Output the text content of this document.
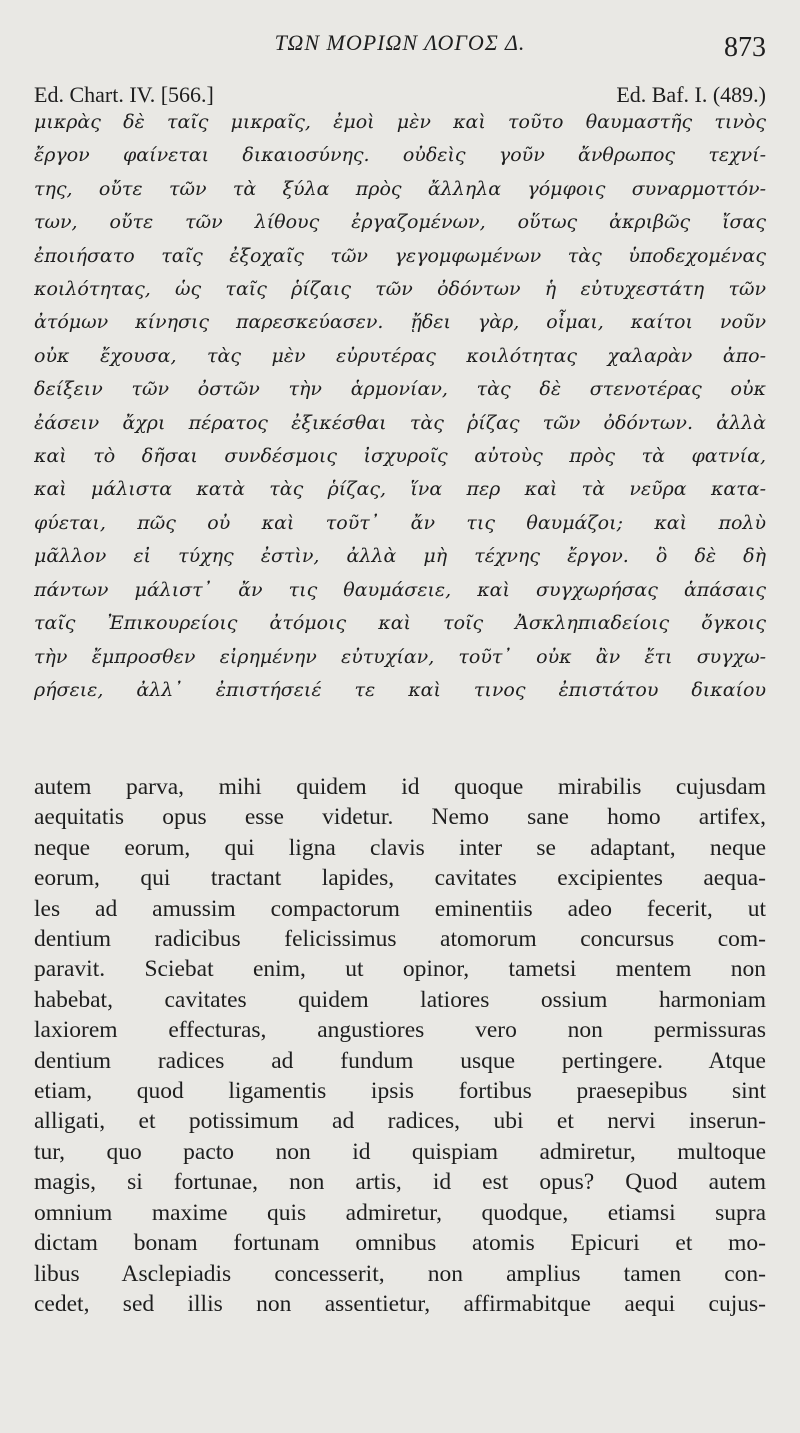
ΤΩΝ ΜΟΡΙΩΝ ΛΟΓΟΣ Δ.	873
Ed. Chart. IV. [566.]	Ed. Baf. I. (489.)
μικρὰς δὲ ταῖς μικραῖς, ἐμοὶ μὲν καὶ τοῦτο θαυμαστῆς τινὸς
ἔργον φαίνεται δικαιοσύνης. οὐδεὶς γοῦν ἄνθρωπος τεχνί-
της, οὔτε τῶν τὰ ξύλα πρὸς ἄλληλα γόμφοις συναρμοττόν-
των, οὔτε τῶν λίθους ἐργαζομένων, οὕτως ἀκριβῶς ἴσας
ἐποιήσατο ταῖς ἐξοχαῖς τῶν γεγομφωμένων τὰς ὑποδεχομένας
κοιλότητας, ὡς ταῖς ῥίζαις τῶν ὀδόντων ἡ εὐτυχεστάτη τῶν
ἀτόμων κίνησις παρεσκεύασεν. ᾔδει γὰρ, οἶμαι, καίτοι νοῦν
οὐκ ἔχουσα, τὰς μὲν εὐρυτέρας κοιλότητας χαλαρὰν ἀπο-
δείξειν τῶν ὀστῶν τὴν ἁρμονίαν, τὰς δὲ στενοτέρας οὐκ
ἐάσειν ἄχρι πέρατος ἐξικέσθαι τὰς ῥίζας τῶν ὀδόντων. ἀλλὰ
καὶ τὸ δῆσαι συνδέσμοις ἰσχυροῖς αὐτοὺς πρὸς τὰ φατνία,
καὶ μάλιστα κατὰ τὰς ῥίζας, ἵνα περ καὶ τὰ νεῦρα κατα-
φύεται, πῶς οὐ καὶ τοῦτ᾿ ἄν τις θαυμάζοι; καὶ πολὺ
μᾶλλον εἰ τύχης ἐστὶν, ἀλλὰ μὴ τέχνης ἔργον. ὃ δὲ δὴ
πάντων μάλιστ᾿ ἄν τις θαυμάσειε, καὶ συγχωρήσας ἁπάσαις
ταῖς Ἐπικουρείοις ἀτόμοις καὶ τοῖς Ἀσκληπιαδείοις ὄγκοις
τὴν ἔμπροσθεν εἰρημένην εὐτυχίαν, τοῦτ᾿ οὐκ ἂν ἔτι συγχω-
ρήσειε, ἀλλ᾿ ἐπιστήσειέ τε καὶ τινος ἐπιστάτου δικαίου
autem parva, mihi quidem id quoque mirabilis cujusdam
aequitatis opus esse videtur. Nemo sane homo artifex,
neque eorum, qui ligna clavis inter se adaptant, neque
eorum, qui tractant lapides, cavitates excipientes aequa-
les ad amussim compactorum eminentiis adeo fecerit, ut
dentium radicibus felicissimus atomorum concursus com-
paravit. Sciebat enim, ut opinor, tametsi mentem non
habebat, cavitates quidem latiores ossium harmoniam
laxiorem effecturas, angustiores vero non permissuras
dentium radices ad fundum usque pertingere. Atque
etiam, quod ligamentis ipsis fortibus praesepibus sint
alligati, et potissimum ad radices, ubi et nervi inserun-
tur, quo pacto non id quispiam admiretur, multoque
magis, si fortunae, non artis, id est opus? Quod autem
omnium maxime quis admiretur, quodque, etiamsi supra
dictam bonam fortunam omnibus atomis Epicuri et mo-
libus Asclepiadis concesserit, non amplius tamen con-
cedet, sed illis non assentietur, affirmabitque aequi cujus-
